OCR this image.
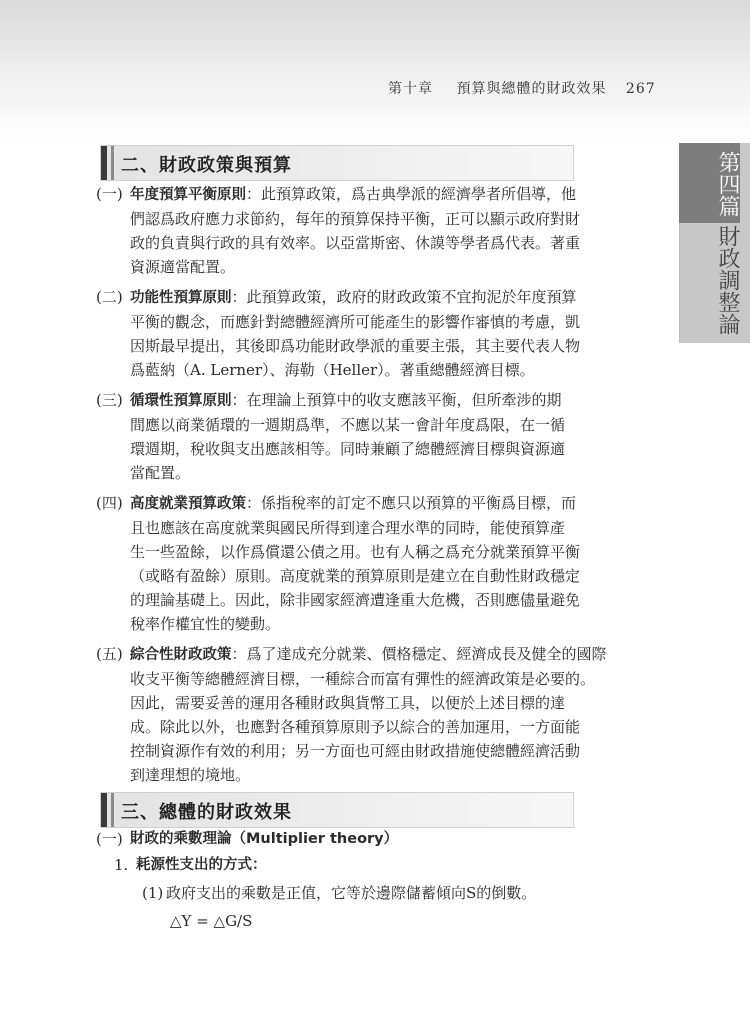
第十章 預算與總體的財政效果 267
第四篇
財政調整論
二、財政政策與預算
(一) 年度預算平衡原則：此預算政策，爲古典學派的經濟學者所倡導，他
們認爲政府應力求節約，每年的預算保持平衡，正可以顯示政府對財
政的負責與行政的具有效率。以亞當斯密、休謨等學者爲代表。著重
資源適當配置。
(二) 功能性預算原則：此預算政策，政府的財政政策不宜拘泥於年度預算
平衡的觀念，而應針對總體經濟所可能產生的影響作審慎的考慮，凱
因斯最早提出，其後即爲功能財政學派的重要主張，其主要代表人物
爲藍納（A. Lerner）、海勒（Heller）。著重總體經濟目標。
(三) 循環性預算原則：在理論上預算中的收支應該平衡，但所牽涉的期
間應以商業循環的一週期爲準，不應以某一會計年度爲限，在一循
環週期，稅收與支出應該相等。同時兼顧了總體經濟目標與資源適
當配置。
(四) 高度就業預算政策：係指稅率的訂定不應只以預算的平衡爲目標，而
且也應該在高度就業與國民所得到達合理水準的同時，能使預算產
生一些盈餘，以作爲償還公債之用。也有人稱之爲充分就業預算平衡
（或略有盈餘）原則。高度就業的預算原則是建立在自動性財政穩定
的理論基礎上。因此，除非國家經濟遭逢重大危機，否則應儘量避免
稅率作權宜性的變動。
(五) 綜合性財政政策：爲了達成充分就業、價格穩定、經濟成長及健全的國際
收支平衡等總體經濟目標，一種綜合而富有彈性的經濟政策是必要的。
因此，需要妥善的運用各種財政與貨幣工具，以便於上述目標的達
成。除此以外，也應對各種預算原則予以綜合的善加運用，一方面能
控制資源作有效的利用；另一方面也可經由財政措施使總體經濟活動
到達理想的境地。
三、總體的財政效果
(一) 財政的乘數理論（Multiplier theory）
1. 耗源性支出的方式：
(1) 政府支出的乘數是正值，它等於邊際儲蓄傾向S的倒數。
△Y = △G/S
